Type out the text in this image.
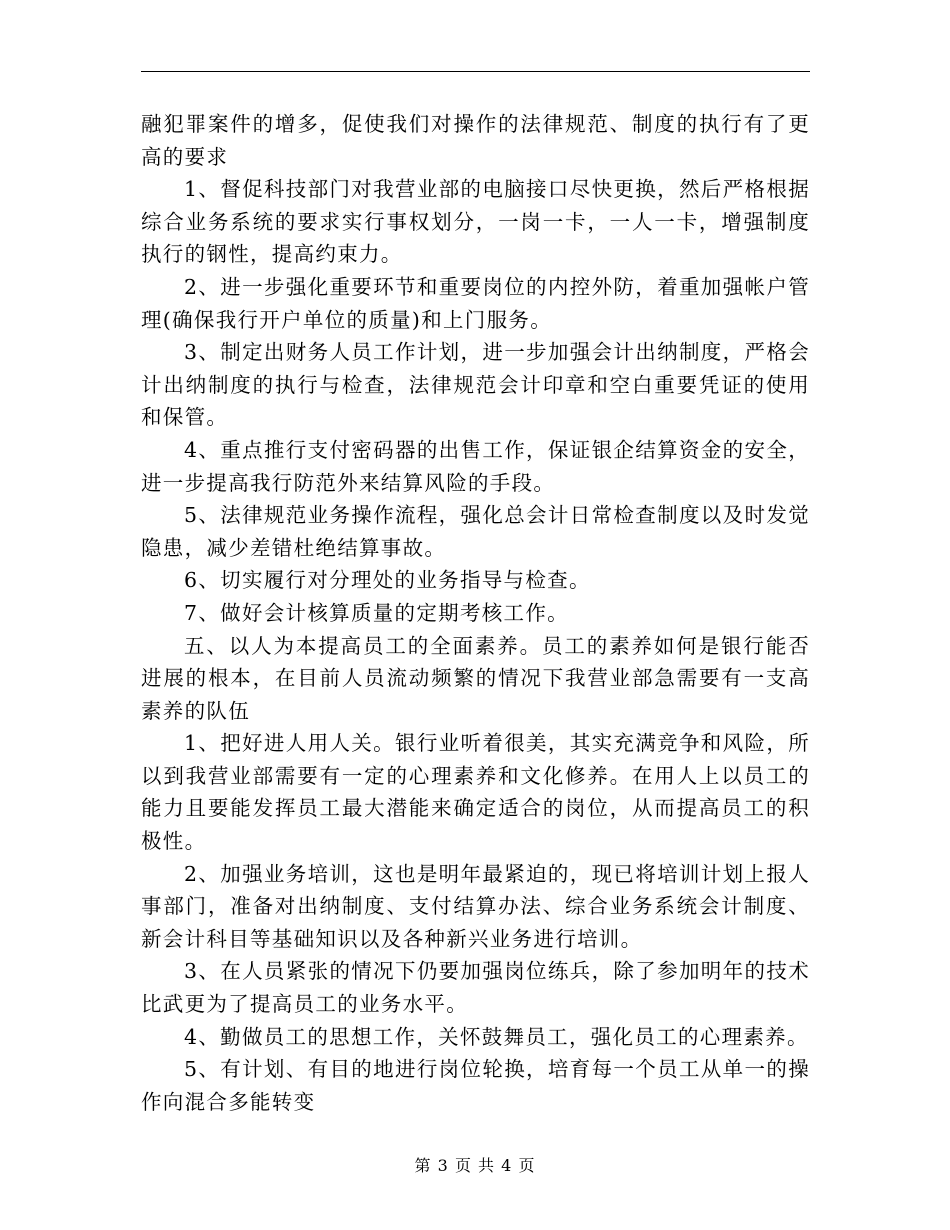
融犯罪案件的增多，促使我们对操作的法律规范、制度的执行有了更高的要求

1、督促科技部门对我营业部的电脑接口尽快更换，然后严格根据综合业务系统的要求实行事权划分，一岗一卡，一人一卡，增强制度执行的钢性，提高约束力。

2、进一步强化重要环节和重要岗位的内控外防，着重加强帐户管理(确保我行开户单位的质量)和上门服务。

3、制定出财务人员工作计划，进一步加强会计出纳制度，严格会计出纳制度的执行与检查，法律规范会计印章和空白重要凭证的使用和保管。

4、重点推行支付密码器的出售工作，保证银企结算资金的安全，进一步提高我行防范外来结算风险的手段。

5、法律规范业务操作流程，强化总会计日常检查制度以及时发觉隐患，减少差错杜绝结算事故。

6、切实履行对分理处的业务指导与检查。

7、做好会计核算质量的定期考核工作。

五、以人为本提高员工的全面素养。员工的素养如何是银行能否进展的根本，在目前人员流动频繁的情况下我营业部急需要有一支高素养的队伍

1、把好进人用人关。银行业听着很美，其实充满竞争和风险，所以到我营业部需要有一定的心理素养和文化修养。在用人上以员工的能力且要能发挥员工最大潜能来确定适合的岗位，从而提高员工的积极性。

2、加强业务培训，这也是明年最紧迫的，现已将培训计划上报人事部门，准备对出纳制度、支付结算办法、综合业务系统会计制度、新会计科目等基础知识以及各种新兴业务进行培训。

3、在人员紧张的情况下仍要加强岗位练兵，除了参加明年的技术比武更为了提高员工的业务水平。

4、勤做员工的思想工作，关怀鼓舞员工，强化员工的心理素养。

5、有计划、有目的地进行岗位轮换，培育每一个员工从单一的操作向混合多能转变

第 3 页 共 4 页
